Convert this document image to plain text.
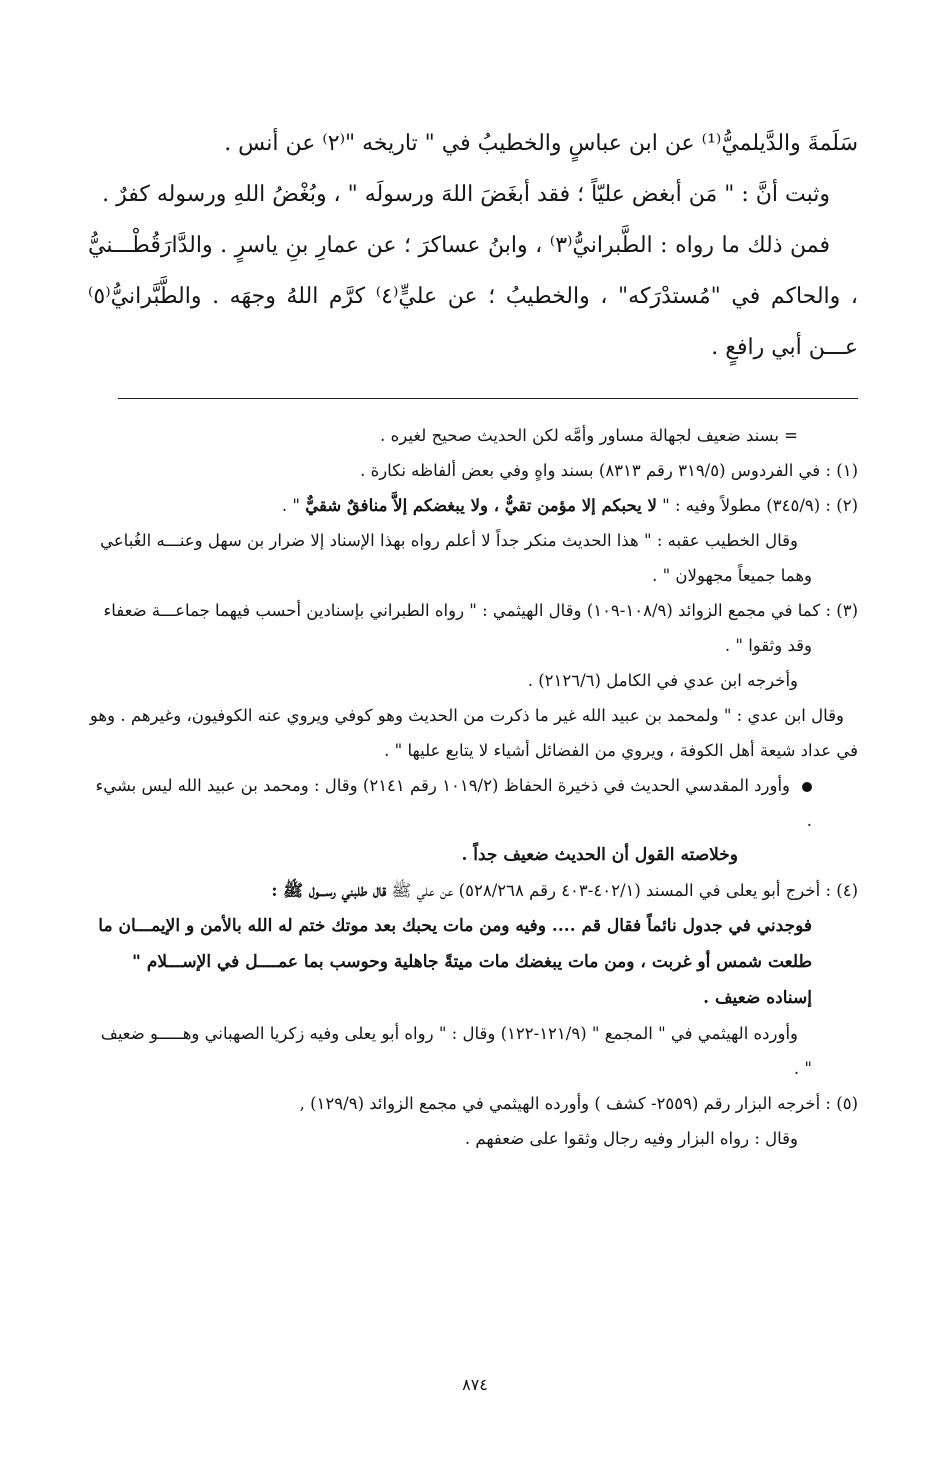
سَلَمةَ والدَّيلميُّ⁽¹⁾ عن ابن عباسٍ والخطيبُ في " تاريخه "⁽٢⁾ عن أنس .

وثبت أنَّ : " مَن أبغض عليّاً ؛ فقد أبغَضَ اللهَ ورسولَه " ، وبُغْضُ اللهِ ورسوله كفرٌ .

فمن ذلك ما رواه : الطَّبرانيُّ⁽٣⁾ ، وابنُ عساكرَ ؛ عن عمارِ بنِ ياسرٍ . والدَّارَقُطْـــنيُّ ، والحاكم في "مُستدْرَكه" ، والخطيبُ ؛ عن عليٍّ⁽٤⁾ كرَّم اللهُ وجهَه . والطَّبَّرانيُّ⁽٥⁾ عـــن أبي رافعٍ .

= بسند ضعيف لجهالة مساور وأمَّه لكن الحديث صحيح لغيره .

(١) : في الفردوس (٣١٩/٥ رقم ٨٣١٣) بسند واهٍ وفي بعض ألفاظه نكارة .

(٢) : (٣٤٥/٩) مطولاً وفيه : " لا يحبكم إلا مؤمن تقيٌّ ، ولا يبغضكم إلاَّ منافقٌ شقيٌّ " .

وقال الخطيب عقبه : " هذا الحديث منكر جداً لا أعلم رواه بهذا الإسناد إلا ضرار بن سهل وعنـــه الغُباعي وهما جميعاً مجهولان " .

(٣) : كما في مجمع الزوائد (١٠٨/٩-١٠٩) وقال الهيثمي : " رواه الطبراني بإسنادين أحسب فيهما جماعـــة ضعفاء وقد وثقوا " .

وأخرجه ابن عدي في الكامل (٢١٢٦/٦) .

وقال ابن عدي : " ولمحمد بن عبيد الله غير ما ذكرت من الحديث وهو كوفي ويروي عنه الكوفيون، وغيرهم . وهو في عداد شيعة أهل الكوفة ، ويروي من الفضائل أشياء لا يتابع عليها " .

وأورد المقدسي الحديث في ذخيرة الحفاظ (١٠١٩/٢ رقم ٢١٤١) وقال : ومحمد بن عبيد الله ليس بشيء .

وخلاصته القول أن الحديث ضعيف جداً .

(٤) : أخرج أبو يعلى في المسند (٤٠٢/١-٤٠٣ رقم ٥٢٨/٢٦٨) عن علي ﷺ قال طلبني رســـول ﷺ :

فوجدني في جدول نائماً فقال قم .... وفيه ومن مات يحبك بعد موتك ختم له الله بالأمن و الإيمـــان ما طلعت شمس أو غربت ، ومن مات يبغضك مات ميتةً جاهلية وحوسب بما عمــــل في الإســـلام " إسناده ضعيف .

وأورده الهيثمي في " المجمع " (١٢١/٩-١٢٢) وقال : " رواه أبو يعلى وفيه زكريا الصهباني وهـــــو ضعيف " .

(٥) : أخرجه البزار رقم (٢٥٥٩- كشف ) وأورده الهيثمي في مجمع الزوائد (١٢٩/٩) ,

وقال : رواه البزار وفيه رجال وثقوا على ضعفهم .

٨٧٤
